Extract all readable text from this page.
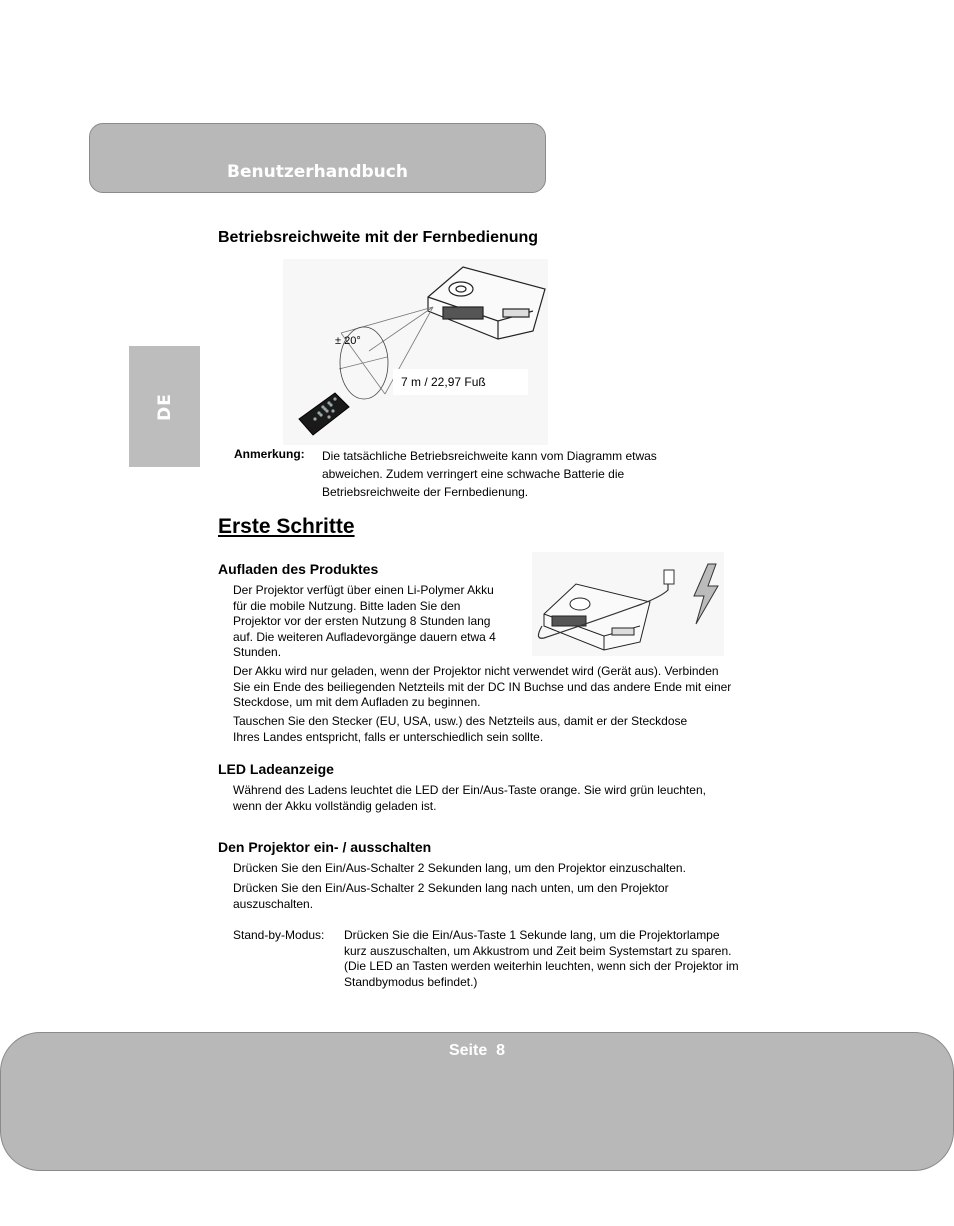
Benutzerhandbuch
DE
Betriebsreichweite mit der Fernbedienung
± 20°
7 m / 22,97 Fuß
Anmerkung: Die tatsächliche Betriebsreichweite kann vom Diagramm etwas abweichen. Zudem verringert eine schwache Batterie die Betriebsreichweite der Fernbedienung.
Erste Schritte
Aufladen des Produktes

Der Projektor verfügt über einen Li-Polymer Akku für die mobile Nutzung. Bitte laden Sie den Projektor vor der ersten Nutzung 8 Stunden lang auf. Die weiteren Aufladevorgänge dauern etwa 4 Stunden.

Der Akku wird nur geladen, wenn der Projektor nicht verwendet wird (Gerät aus). Verbinden Sie ein Ende des beiliegenden Netzteils mit der DC IN Buchse und das andere Ende mit einer Steckdose, um mit dem Aufladen zu beginnen.

Tauschen Sie den Stecker (EU, USA, usw.) des Netzteils aus, damit er der Steckdose Ihres Landes entspricht, falls er unterschiedlich sein sollte.

LED Ladeanzeige

Während des Ladens leuchtet die LED der Ein/Aus-Taste orange. Sie wird grün leuchten, wenn der Akku vollständig geladen ist.

Den Projektor ein- / ausschalten

Drücken Sie den Ein/Aus-Schalter 2 Sekunden lang, um den Projektor einzuschalten.

Drücken Sie den Ein/Aus-Schalter 2 Sekunden lang nach unten, um den Projektor auszuschalten.

Stand-by-Modus: Drücken Sie die Ein/Aus-Taste 1 Sekunde lang, um die Projektorlampe kurz auszuschalten, um Akkustrom und Zeit beim Systemstart zu sparen. (Die LED an Tasten werden weiterhin leuchten, wenn sich der Projektor im Standbymodus befindet.)
Seite  8
